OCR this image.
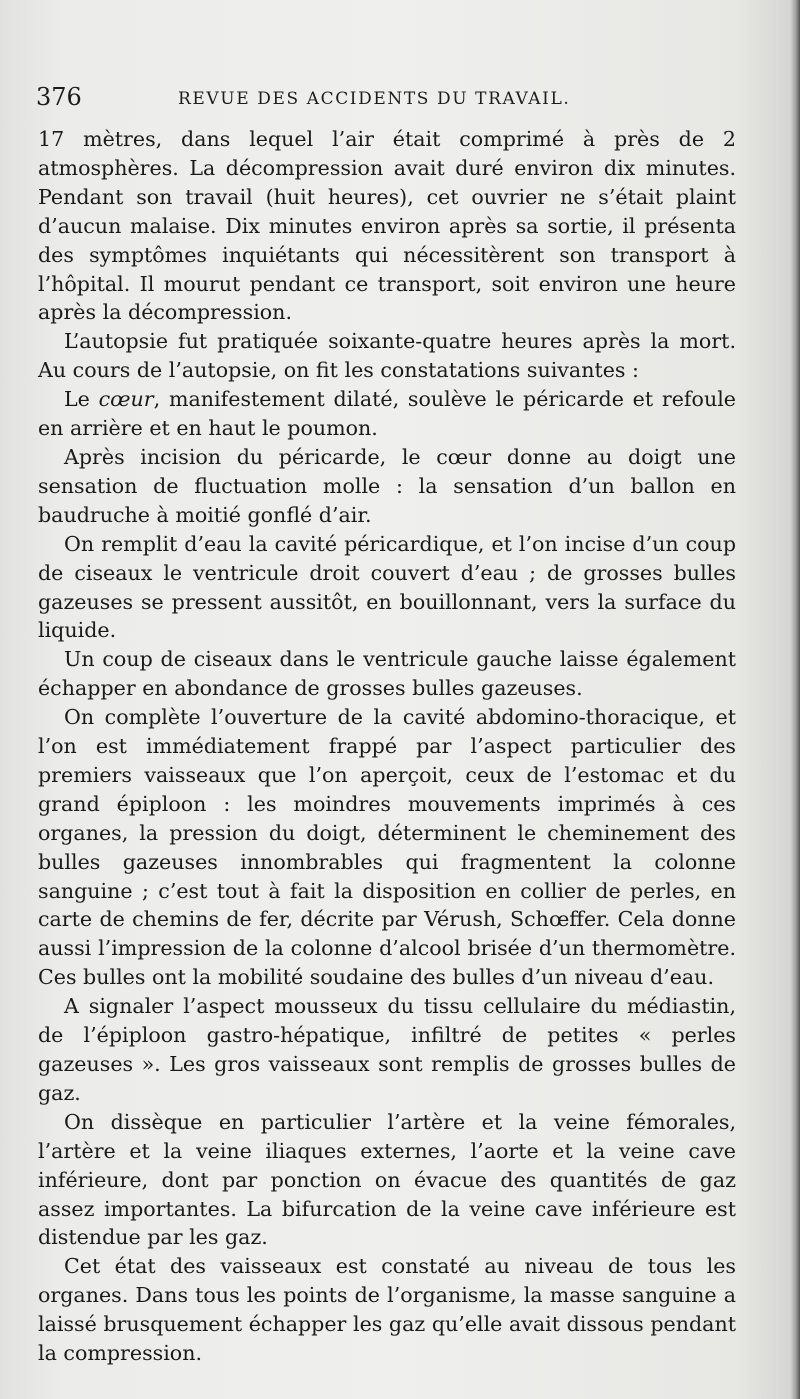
376	REVUE DES ACCIDENTS DU TRAVAIL.

17 mètres, dans lequel l’air était comprimé à près de 2 atmosphères. La décompression avait duré environ dix minutes. Pendant son travail (huit heures), cet ouvrier ne s’était plaint d’aucun malaise. Dix minutes environ après sa sortie, il présenta des symptômes inquiétants qui nécessitèrent son transport à l’hôpital. Il mourut pendant ce transport, soit environ une heure après la décompression.

L’autopsie fut pratiquée soixante-quatre heures après la mort. Au cours de l’autopsie, on fit les constatations suivantes :

Le cœur, manifestement dilaté, soulève le péricarde et refoule en arrière et en haut le poumon.

Après incision du péricarde, le cœur donne au doigt une sensation de fluctuation molle : la sensation d’un ballon en baudruche à moitié gonflé d’air.

On remplit d’eau la cavité péricardique, et l’on incise d’un coup de ciseaux le ventricule droit couvert d’eau ; de grosses bulles gazeuses se pressent aussitôt, en bouillonnant, vers la surface du liquide.

Un coup de ciseaux dans le ventricule gauche laisse également échapper en abondance de grosses bulles gazeuses.

On complète l’ouverture de la cavité abdomino-thoracique, et l’on est immédiatement frappé par l’aspect particulier des premiers vaisseaux que l’on aperçoit, ceux de l’estomac et du grand épiploon : les moindres mouvements imprimés à ces organes, la pression du doigt, déterminent le cheminement des bulles gazeuses innombrables qui fragmentent la colonne sanguine ; c’est tout à fait la disposition en collier de perles, en carte de chemins de fer, décrite par Vérush, Schœffer. Cela donne aussi l’impression de la colonne d’alcool brisée d’un thermomètre. Ces bulles ont la mobilité soudaine des bulles d’un niveau d’eau.

A signaler l’aspect mousseux du tissu cellulaire du médiastin, de l’épiploon gastro-hépatique, infiltré de petites « perles gazeuses ». Les gros vaisseaux sont remplis de grosses bulles de gaz.

On dissèque en particulier l’artère et la veine fémorales, l’artère et la veine iliaques externes, l’aorte et la veine cave inférieure, dont par ponction on évacue des quantités de gaz assez importantes. La bifurcation de la veine cave inférieure est distendue par les gaz.

Cet état des vaisseaux est constaté au niveau de tous les organes. Dans tous les points de l’organisme, la masse sanguine a laissé brusquement échapper les gaz qu’elle avait dissous pendant la compression.
